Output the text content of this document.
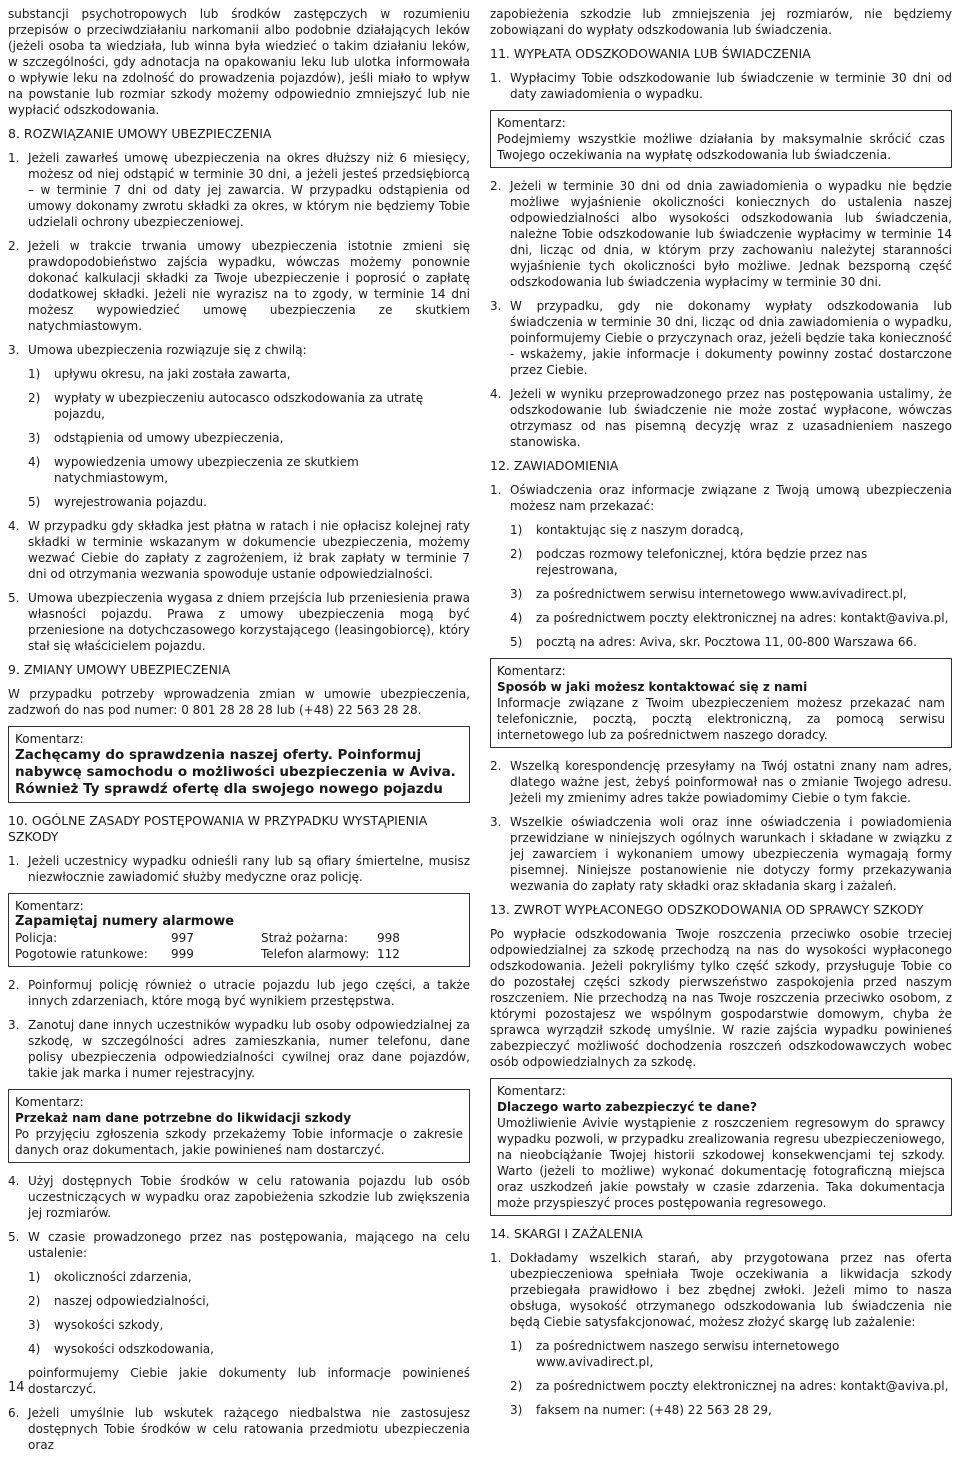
substancji psychotropowych lub środków zastępczych w rozumieniu przepisów o przeciwdziałaniu narkomanii albo podobnie działających leków (jeżeli osoba ta wiedziała, lub winna była wiedzieć o takim działaniu leków, w szczególności, gdy adnotacja na opakowaniu leku lub ulotka informowała o wpływie leku na zdolność do prowadzenia pojazdów), jeśli miało to wpływ na powstanie lub rozmiar szkody możemy odpowiednio zmniejszyć lub nie wypłacić odszkodowania.

8. ROZWIĄZANIE UMOWY UBEZPIECZENIA
1. Jeżeli zawarłeś umowę ubezpieczenia na okres dłuższy niż 6 miesięcy, możesz od niej odstąpić w terminie 30 dni, a jeżeli jesteś przedsiębiorcą – w terminie 7 dni od daty jej zawarcia. W przypadku odstąpienia od umowy dokonamy zwrotu składki za okres, w którym nie będziemy Tobie udzielali ochrony ubezpieczeniowej.
2. Jeżeli w trakcie trwania umowy ubezpieczenia istotnie zmieni się prawdopodobieństwo zajścia wypadku, wówczas możemy ponownie dokonać kalkulacji składki za Twoje ubezpieczenie i poprosić o zapłatę dodatkowej składki. Jeżeli nie wyrazisz na to zgody, w terminie 14 dni możesz wypowiedzieć umowę ubezpieczenia ze skutkiem natychmiastowym.
3. Umowa ubezpieczenia rozwiązuje się z chwilą:
1)	upływu okresu, na jaki została zawarta,
2)	wypłaty w ubezpieczeniu autocasco odszkodowania za utratę pojazdu,
3)	odstąpienia od umowy ubezpieczenia,
4)	wypowiedzenia umowy ubezpieczenia ze skutkiem natychmiastowym,
5)	wyrejestrowania pojazdu.
4. W przypadku gdy składka jest płatna w ratach i nie opłacisz kolejnej raty składki w terminie wskazanym w dokumencie ubezpieczenia, możemy wezwać Ciebie do zapłaty z zagrożeniem, iż brak zapłaty w terminie 7 dni od otrzymania wezwania spowoduje ustanie odpowiedzialności.
5. Umowa ubezpieczenia wygasa z dniem przejścia lub przeniesienia prawa własności pojazdu. Prawa z umowy ubezpieczenia mogą być przeniesione na dotychczasowego korzystającego (leasingobiorcę), który stał się właścicielem pojazdu.
9. ZMIANY UMOWY UBEZPIECZENIA

W przypadku potrzeby wprowadzenia zmian w umowie ubezpieczenia, zadzwoń do nas pod numer: 0 801 28 28 28 lub (+48) 22 563 28 28.

Komentarz:
Zachęcamy do sprawdzenia naszej oferty. Poinformuj nabywcę samochodu o możliwości ubezpieczenia w Aviva. Również Ty sprawdź ofertę dla swojego nowego pojazdu
10. OGÓLNE ZASADY POSTĘPOWANIA W PRZYPADKU WYSTĄPIENIA SZKODY
1. Jeżeli uczestnicy wypadku odnieśli rany lub są ofiary śmiertelne, musisz niezwłocznie zawiadomić służby medyczne oraz policję.
Komentarz:
Zapamiętaj numery alarmowe
Policja:	997	Straż pożarna:	998
Pogotowie ratunkowe:	999	Telefon alarmowy: 112
2. Poinformuj policję również o utracie pojazdu lub jego części, a także innych zdarzeniach, które mogą być wynikiem przestępstwa.
3. Zanotuj dane innych uczestników wypadku lub osoby odpowiedzialnej za szkodę, w szczególności adres zamieszkania, numer telefonu, dane polisy ubezpieczenia odpowiedzialności cywilnej oraz dane pojazdów, takie jak marka i numer rejestracyjny.
Komentarz:
Przekaż nam dane potrzebne do likwidacji szkody
Po przyjęciu zgłoszenia szkody przekażemy Tobie informacje o zakresie danych oraz dokumentach, jakie powinieneś nam dostarczyć.
4. Użyj dostępnych Tobie środków w celu ratowania pojazdu lub osób uczestniczących w wypadku oraz zapobieżenia szkodzie lub zwiększenia jej rozmiarów.
5. W czasie prowadzonego przez nas postępowania, mającego na celu ustalenie:
1)	okoliczności zdarzenia,
2)	naszej odpowiedzialności,
3)	wysokości szkody,
4)	wysokości odszkodowania,
poinformujemy Ciebie jakie dokumenty lub informacje powinieneś dostarczyć.
6. Jeżeli umyślnie lub wskutek rażącego niedbalstwa nie zastosujesz dostępnych Tobie środków w celu ratowania przedmiotu ubezpieczenia oraz

zapobieżenia szkodzie lub zmniejszenia jej rozmiarów, nie będziemy zobowiązani do wypłaty odszkodowania lub świadczenia.

11. WYPŁATA ODSZKODOWANIA LUB ŚWIADCZENIA
1. Wypłacimy Tobie odszkodowanie lub świadczenie w terminie 30 dni od daty zawiadomienia o wypadku.
Komentarz:
Podejmiemy wszystkie możliwe działania by maksymalnie skrócić czas Twojego oczekiwania na wypłatę odszkodowania lub świadczenia.
2. Jeżeli w terminie 30 dni od dnia zawiadomienia o wypadku nie będzie możliwe wyjaśnienie okoliczności koniecznych do ustalenia naszej odpowiedzialności albo wysokości odszkodowania lub świadczenia, należne Tobie odszkodowanie lub świadczenie wypłacimy w terminie 14 dni, licząc od dnia, w którym przy zachowaniu należytej staranności wyjaśnienie tych okoliczności było możliwe. Jednak bezsporną część odszkodowania lub świadczenia wypłacimy w terminie 30 dni.
3. W przypadku, gdy nie dokonamy wypłaty odszkodowania lub świadczenia w terminie 30 dni, licząc od dnia zawiadomienia o wypadku, poinformujemy Ciebie o przyczynach oraz, jeżeli będzie taka konieczność - wskażemy, jakie informacje i dokumenty powinny zostać dostarczone przez Ciebie.
4. Jeżeli w wyniku przeprowadzonego przez nas postępowania ustalimy, że odszkodowanie lub świadczenie nie może zostać wypłacone, wówczas otrzymasz od nas pisemną decyzję wraz z uzasadnieniem naszego stanowiska.
12. ZAWIADOMIENIA
1. Oświadczenia oraz informacje związane z Twoją umową ubezpieczenia możesz nam przekazać:
1)	kontaktując się z naszym doradcą,
2)	podczas rozmowy telefonicznej, która będzie przez nas rejestrowana,
3)	za pośrednictwem serwisu internetowego www.avivadirect.pl,
4)	za pośrednictwem poczty elektronicznej na adres: kontakt@aviva.pl,
5)	pocztą na adres: Aviva, skr. Pocztowa 11, 00-800 Warszawa 66.
Komentarz:
Sposób w jaki możesz kontaktować się z nami
Informacje związane z Twoim ubezpieczeniem możesz przekazać nam telefonicznie, pocztą, pocztą elektroniczną, za pomocą serwisu internetowego lub za pośrednictwem naszego doradcy.
2. Wszelką korespondencję przesyłamy na Twój ostatni znany nam adres, dlatego ważne jest, żebyś poinformował nas o zmianie Twojego adresu. Jeżeli my zmienimy adres także powiadomimy Ciebie o tym fakcie.
3. Wszelkie oświadczenia woli oraz inne oświadczenia i powiadomienia przewidziane w niniejszych ogólnych warunkach i składane w związku z jej zawarciem i wykonaniem umowy ubezpieczenia wymagają formy pisemnej. Niniejsze postanowienie nie dotyczy formy przekazywania wezwania do zapłaty raty składki oraz składania skarg i zażaleń.
13. ZWROT WYPŁACONEGO ODSZKODOWANIA OD SPRAWCY SZKODY

Po wypłacie odszkodowania Twoje roszczenia przeciwko osobie trzeciej odpowiedzialnej za szkodę przechodzą na nas do wysokości wypłaconego odszkodowania. Jeżeli pokryliśmy tylko część szkody, przysługuje Tobie co do pozostałej części szkody pierwszeństwo zaspokojenia przed naszym roszczeniem. Nie przechodzą na nas Twoje roszczenia przeciwko osobom, z którymi pozostajesz we wspólnym gospodarstwie domowym, chyba że sprawca wyrządził szkodę umyślnie. W razie zajścia wypadku powinieneś zabezpieczyć możliwość dochodzenia roszczeń odszkodowawczych wobec osób odpowiedzialnych za szkodę.

Komentarz:
Dlaczego warto zabezpieczyć te dane?
Umożliwienie Avivie wystąpienie z roszczeniem regresowym do sprawcy wypadku pozwoli, w przypadku zrealizowania regresu ubezpieczeniowego, na nieobciążanie Twojej historii szkodowej konsekwencjami tej szkody. Warto (jeżeli to możliwe) wykonać dokumentację fotograficzną miejsca oraz uszkodzeń jakie powstały w czasie zdarzenia. Taka dokumentacja może przyspieszyć proces postępowania regresowego.
14. SKARGI I ZAŻALENIA
1. Dokładamy wszelkich starań, aby przygotowana przez nas oferta ubezpieczeniowa spełniała Twoje oczekiwania a likwidacja szkody przebiegała prawidłowo i bez zbędnej zwłoki. Jeżeli mimo to nasza obsługa, wysokość otrzymanego odszkodowania lub świadczenia nie będą Ciebie satysfakcjonować, możesz złożyć skargę lub zażalenie:
1)	za pośrednictwem naszego serwisu internetowego www.avivadirect.pl,
2)	za pośrednictwem poczty elektronicznej na adres: kontakt@aviva.pl,
3)	faksem na numer: (+48) 22 563 28 29,
14
